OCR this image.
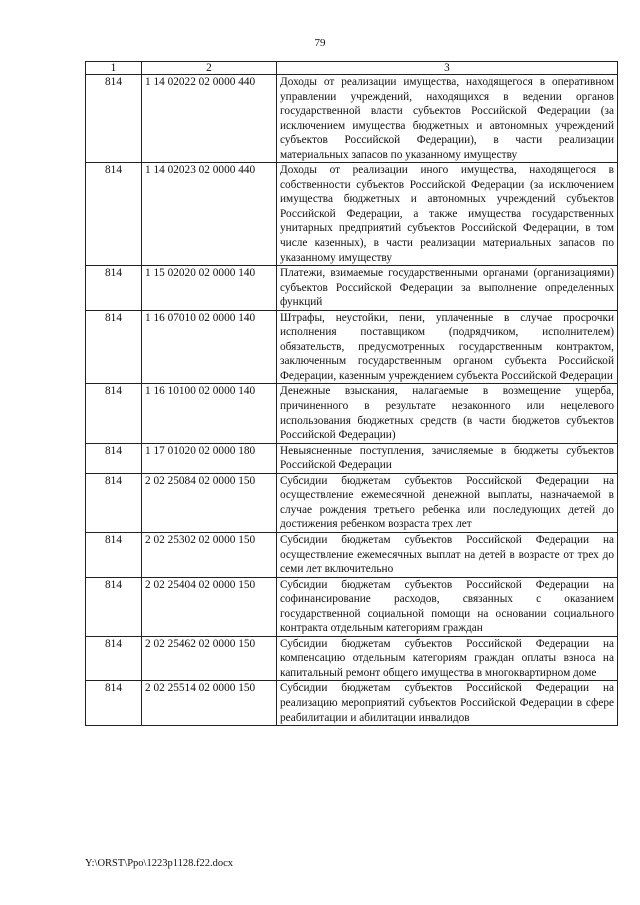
79
1	2	3
814	1 14 02022 02 0000 440	Доходы от реализации имущества, находящегося в оперативном управлении учреждений, находящихся в ведении органов государственной власти субъектов Российской Федерации (за исключением имущества бюджетных и автономных учреждений субъектов Российской Федерации), в части реализации материальных запасов по указанному имуществу
814	1 14 02023 02 0000 440	Доходы от реализации иного имущества, находящегося в собственности субъектов Российской Федерации (за исключением имущества бюджетных и автономных учреждений субъектов Российской Федерации, а также имущества государственных унитарных предприятий субъектов Российской Федерации, в том числе казенных), в части реализации материальных запасов по указанному имуществу
814	1 15 02020 02 0000 140	Платежи, взимаемые государственными органами (организациями) субъектов Российской Федерации за выполнение определенных функций
814	1 16 07010 02 0000 140	Штрафы, неустойки, пени, уплаченные в случае просрочки исполнения поставщиком (подрядчиком, исполнителем) обязательств, предусмотренных государственным контрактом, заключенным государственным органом субъекта Российской Федерации, казенным учреждением субъекта Российской Федерации
814	1 16 10100 02 0000 140	Денежные взыскания, налагаемые в возмещение ущерба, причиненного в результате незаконного или нецелевого использования бюджетных средств (в части бюджетов субъектов Российской Федерации)
814	1 17 01020 02 0000 180	Невыясненные поступления, зачисляемые в бюджеты субъектов Российской Федерации
814	2 02 25084 02 0000 150	Субсидии бюджетам субъектов Российской Федерации на осуществление ежемесячной денежной выплаты, назначаемой в случае рождения третьего ребенка или последующих детей до достижения ребенком возраста трех лет
814	2 02 25302 02 0000 150	Субсидии бюджетам субъектов Российской Федерации на осуществление ежемесячных выплат на детей в возрасте от трех до семи лет включительно
814	2 02 25404 02 0000 150	Субсидии бюджетам субъектов Российской Федерации на софинансирование расходов, связанных с оказанием государственной социальной помощи на основании социального контракта отдельным категориям граждан
814	2 02 25462 02 0000 150	Субсидии бюджетам субъектов Российской Федерации на компенсацию отдельным категориям граждан оплаты взноса на капитальный ремонт общего имущества в многоквартирном доме
814	2 02 25514 02 0000 150	Субсидии бюджетам субъектов Российской Федерации на реализацию мероприятий субъектов Российской Федерации в сфере реабилитации и абилитации инвалидов
Y:\ORST\Ppo\1223p1128.f22.docx
